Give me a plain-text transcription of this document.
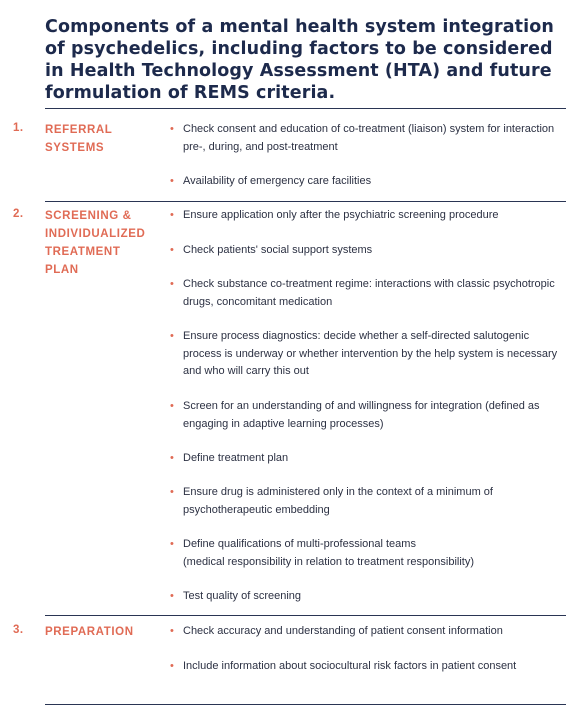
Components of a mental health system integration of psychedelics, including factors to be considered in Health Technology Assessment (HTA) and future formulation of REMS criteria.
1. REFERRAL
SYSTEMS
• Check consent and education of co-treatment (liaison) system for interaction pre-, during, and post-treatment
• Availability of emergency care facilities
2. SCREENING &
INDIVIDUALIZED
TREATMENT
PLAN
• Ensure application only after the psychiatric screening procedure
• Check patients' social support systems
• Check substance co-treatment regime: interactions with classic psychotropic drugs, concomitant medication
• Ensure process diagnostics: decide whether a self-directed salutogenic process is underway or whether intervention by the help system is necessary and who will carry this out
• Screen for an understanding of and willingness for integration (defined as engaging in adaptive learning processes)
• Define treatment plan
• Ensure drug is administered only in the context of a minimum of psychotherapeutic embedding
• Define qualifications of multi-professional teams
(medical responsibility in relation to treatment responsibility)
• Test quality of screening
3. PREPARATION	• Check accuracy and understanding of patient consent information
• Include information about sociocultural risk factors in patient consent
